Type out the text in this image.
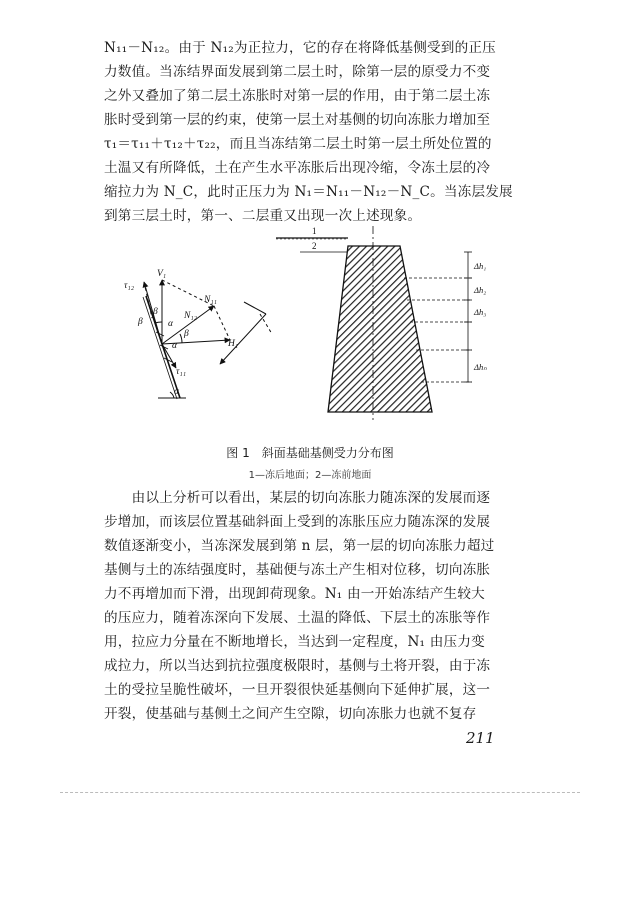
N₁₁－N₁₂。由于 N₁₂为正拉力，它的存在将降低基侧受到的正压
力数值。当冻结界面发展到第二层土时，除第一层的原受力不变
之外又叠加了第二层土冻胀时对第一层的作用，由于第二层土冻
胀时受到第一层的约束，使第一层土对基侧的切向冻胀力增加至
τ₁＝τ₁₁＋τ₁₂＋τ₂₂，而且当冻结第二层土时第一层土所处位置的
土温又有所降低，土在产生水平冻胀后出现冷缩，令冻土层的冷
缩拉力为 N_C，此时正压力为 N₁＝N₁₁－N₁₂－N_C。当冻层发展
到第三层土时，第一、二层重又出现一次上述现象。

τ₁₂
V₁
β
β	α
N₁₂
N₁₁
β
α	H₁
τ₁₁
α
1
2
Δh₁
Δh₂
Δh₃
Δhₙ
图 1　斜面基础基侧受力分布图
1—冻后地面；2—冻前地面

　　由以上分析可以看出，某层的切向冻胀力随冻深的发展而逐
步增加，而该层位置基础斜面上受到的冻胀压应力随冻深的发展
数值逐渐变小，当冻深发展到第 n 层，第一层的切向冻胀力超过
基侧与土的冻结强度时，基础便与冻土产生相对位移，切向冻胀
力不再增加而下滑，出现卸荷现象。N₁ 由一开始冻结产生较大
的压应力，随着冻深向下发展、土温的降低、下层土的冻胀等作
用，拉应力分量在不断地增长，当达到一定程度，N₁ 由压力变
成拉力，所以当达到抗拉强度极限时，基侧与土将开裂，由于冻
土的受拉呈脆性破坏，一旦开裂很快延基侧向下延伸扩展，这一
开裂，使基础与基侧土之间产生空隙，切向冻胀力也就不复存

211
